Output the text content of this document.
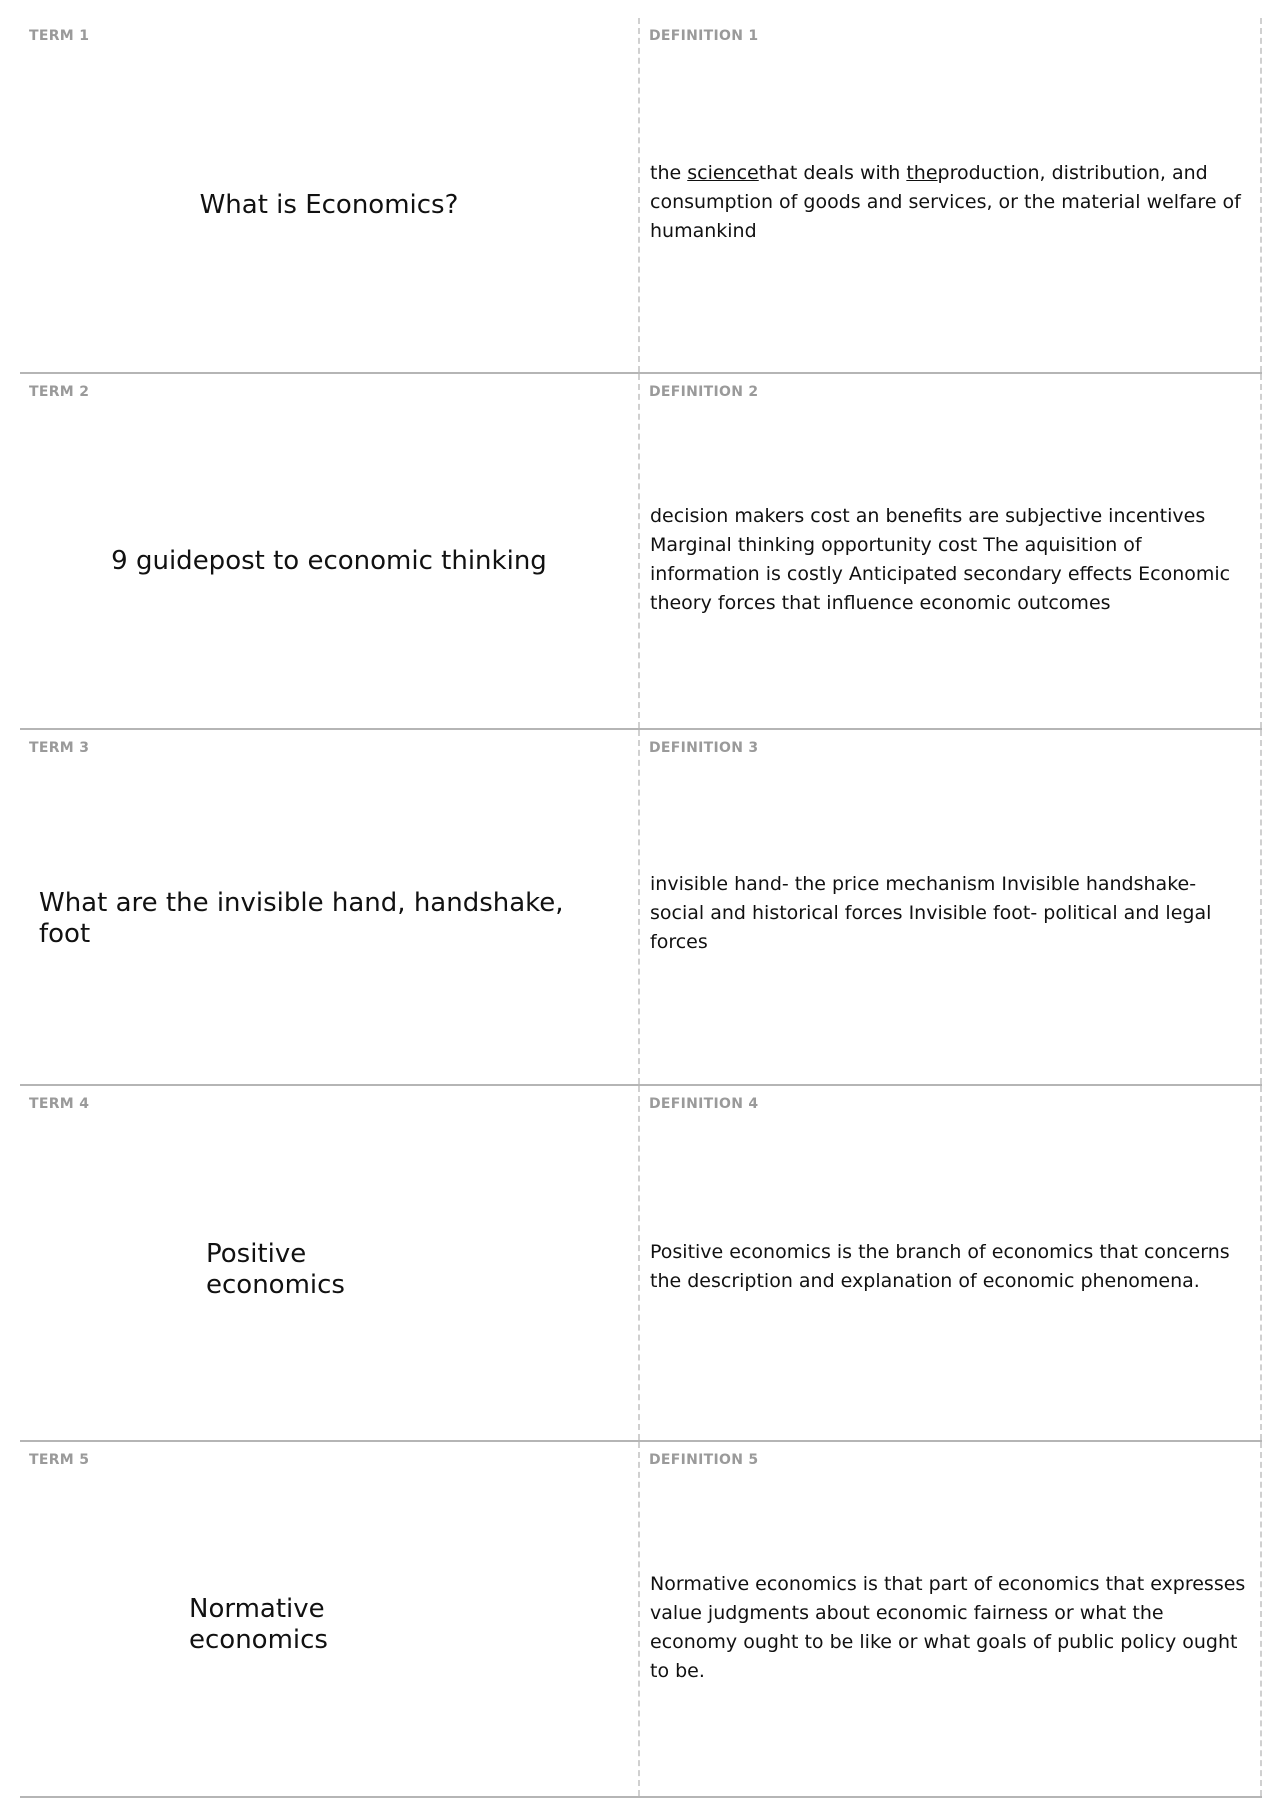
TERM 1
What is Economics?
DEFINITION 1
the sciencethat deals with theproduction, distribution, and consumption of goods and services, or the material welfare of humankind
TERM 2
9 guidepost to economic thinking
DEFINITION 2
decision makers cost an benefits are subjective incentives Marginal thinking opportunity cost The aquisition of information is costly Anticipated secondary effects Economic theory forces that influence economic outcomes
TERM 3
What are the invisible hand, handshake, foot
DEFINITION 3
invisible hand- the price mechanism Invisible handshake- social and historical forces Invisible foot- political and legal forces
TERM 4
Positive economics
DEFINITION 4
Positive economics is the branch of economics that concerns the description and explanation of economic phenomena.
TERM 5
Normative economics
DEFINITION 5
Normative economics is that part of economics that expresses value judgments about economic fairness or what the economy ought to be like or what goals of public policy ought to be.
